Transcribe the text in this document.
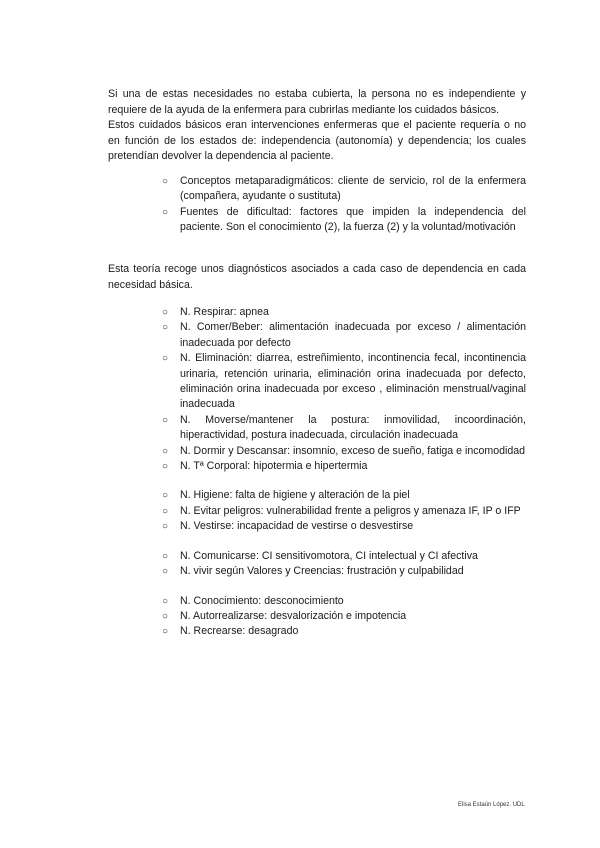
Si una de estas necesidades no estaba cubierta, la persona no es independiente y requiere de la ayuda de la enfermera para cubrirlas mediante los cuidados básicos.

Estos cuidados básicos eran intervenciones enfermeras que el paciente requería o no en función de los estados de: independencia (autonomía) y dependencia; los cuales pretendían devolver la dependencia al paciente.

○ Conceptos metaparadigmáticos: cliente de servicio, rol de la enfermera (compañera, ayudante o sustituta)
○ Fuentes de dificultad: factores que impiden la independencia del paciente. Son el conocimiento (2), la fuerza (2) y la voluntad/motivación

Esta teoría recoge unos diagnósticos asociados a cada caso de dependencia en cada necesidad básica.

○ N. Respirar: apnea
○ N. Comer/Beber: alimentación inadecuada por exceso / alimentación inadecuada por defecto
○ N. Eliminación: diarrea, estreñimiento, incontinencia fecal, incontinencia urinaria, retención urinaria, eliminación orina inadecuada por defecto, eliminación orina inadecuada por exceso , eliminación menstrual/vaginal inadecuada
○ N. Moverse/mantener la postura: inmovilidad, incoordinación, hiperactividad, postura inadecuada, circulación inadecuada
○ N. Dormir y Descansar: insomnio, exceso de sueño, fatiga e incomodidad
○ N. Tª Corporal: hipotermia e hipertermia
○ N. Higiene: falta de higiene y alteración de la piel
○ N. Evitar peligros: vulnerabilidad frente a peligros y amenaza IF, IP o IFP
○ N. Vestirse: incapacidad de vestirse o desvestirse
○ N. Comunicarse: CI sensitivomotora, CI intelectual y CI afectiva
○ N. vivir según Valores y Creencias: frustración y culpabilidad
○ N. Conocimiento: desconocimiento
○ N. Autorrealizarse: desvalorización e impotencia
○ N. Recrearse: desagrado
Elisa Estaún López. UDL
